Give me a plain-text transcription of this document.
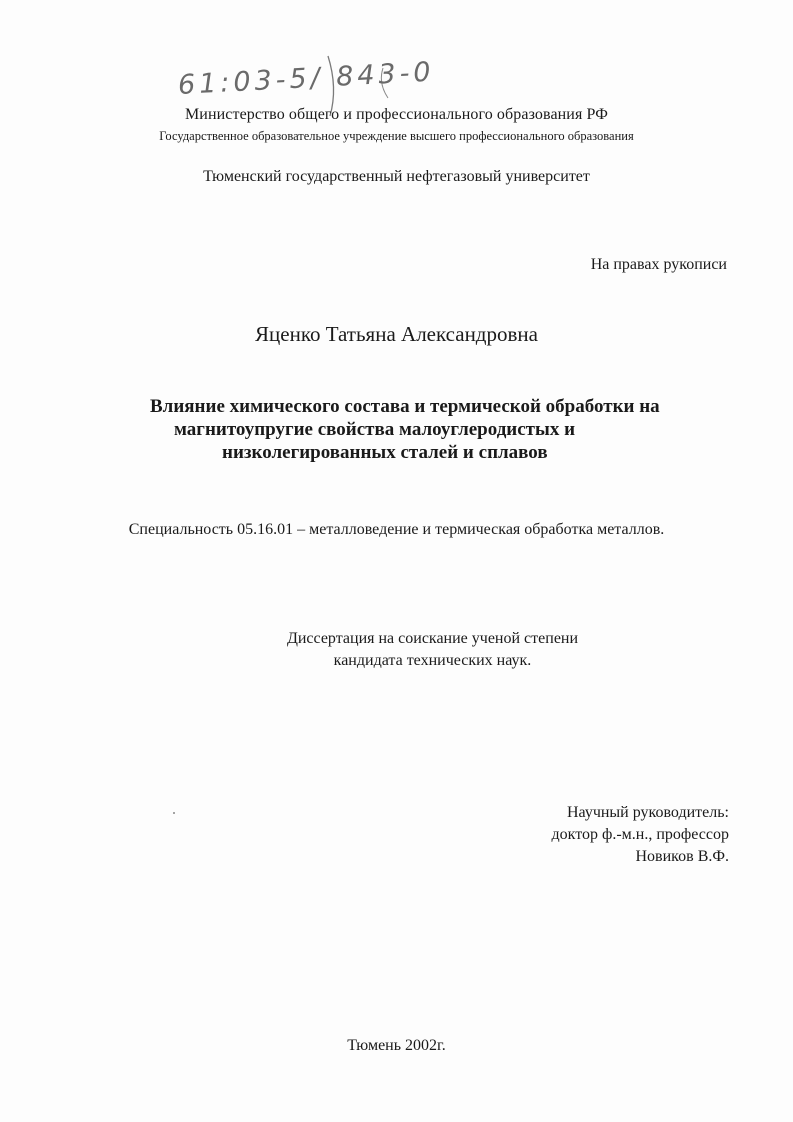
61:03-5/ 843-0
Министерство общего и профессионального образования РФ
Государственное образовательное учреждение высшего профессионального образования
Тюменский государственный нефтегазовый университет
На правах рукописи
Яценко Татьяна Александровна
Влияние химического состава и термической обработки на
магнитоупругие свойства малоуглеродистых и
низколегированных сталей и сплавов
Специальность 05.16.01 – металловедение и термическая обработка металлов.
Диссертация на соискание ученой степени
кандидата технических наук.
Научный руководитель:
доктор ф.-м.н., профессор
Новиков В.Ф.
Тюмень 2002г.
